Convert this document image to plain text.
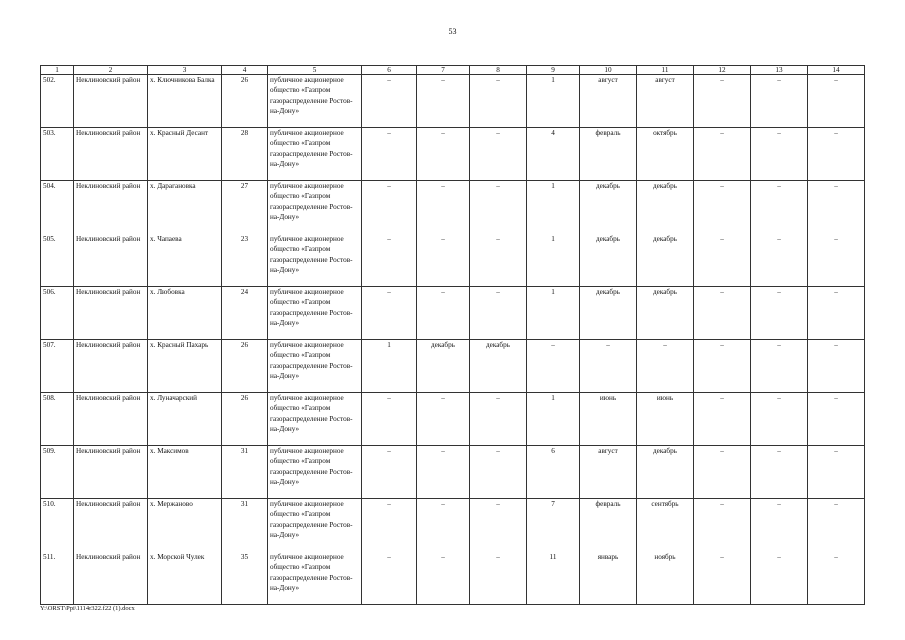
53
1	2	3	4	5	6	7	8	9	10	11	12	13	14
502.	Неклиновский район	х. Ключникова Балка	26	публичное акционерное общество «Газпром газораспределение Ростов-на-Дону»	–	–	–	1	август	август	–	–	–
503.	Неклиновский район	х. Красный Десант	28	публичное акционерное общество «Газпром газораспределение Ростов-на-Дону»	–	–	–	4	февраль	октябрь	–	–	–
504.	Неклиновский район	х. Дарагановка	27	публичное акционерное общество «Газпром газораспределение Ростов-на-Дону»	–	–	–	1	декабрь	декабрь	–	–	–
505.	Неклиновский район	х. Чапаева	23	публичное акционерное общество «Газпром газораспределение Ростов-на-Дону»	–	–	–	1	декабрь	декабрь	–	–	–
506.	Неклиновский район	х. Любовка	24	публичное акционерное общество «Газпром газораспределение Ростов-на-Дону»	–	–	–	1	декабрь	декабрь	–	–	–
507.	Неклиновский район	х. Красный Пахарь	26	публичное акционерное общество «Газпром газораспределение Ростов-на-Дону»	1	декабрь	декабрь	–	–	–	–	–	–
508.	Неклиновский район	х. Луначарский	26	публичное акционерное общество «Газпром газораспределение Ростов-на-Дону»	–	–	–	1	июнь	июнь	–	–	–
509.	Неклиновский район	х. Максимов	31	публичное акционерное общество «Газпром газораспределение Ростов-на-Дону»	–	–	–	6	август	декабрь	–	–	–
510.	Неклиновский район	х. Мержаново	31	публичное акционерное общество «Газпром газораспределение Ростов-на-Дону»	–	–	–	7	февраль	сентябрь	–	–	–
511.	Неклиновский район	х. Морской Чулек	35	публичное акционерное общество «Газпром газораспределение Ростов-на-Дону»	–	–	–	11	январь	ноябрь	–	–	–
Y:\ORST\Ppi\1114r322.f22 (1).docx
